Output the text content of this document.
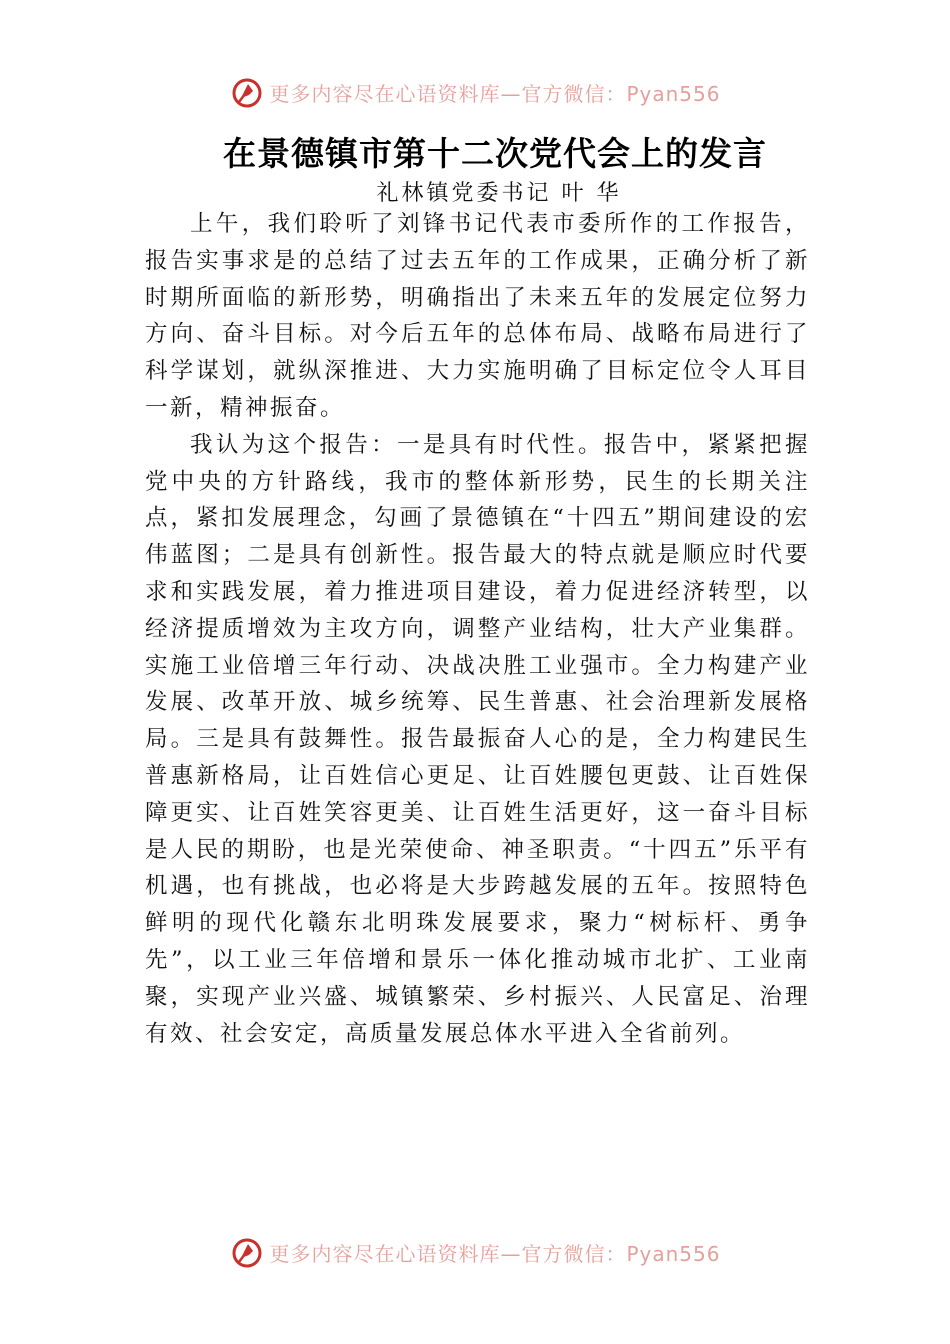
更多内容尽在心语资料库—官方微信：Pyan556
在景德镇市第十二次党代会上的发言
礼林镇党委书记 叶 华

上午，我们聆听了刘锋书记代表市委所作的工作报告，报告实事求是的总结了过去五年的工作成果，正确分析了新时期所面临的新形势，明确指出了未来五年的发展定位努力方向、奋斗目标。对今后五年的总体布局、战略布局进行了科学谋划，就纵深推进、大力实施明确了目标定位令人耳目一新，精神振奋。

我认为这个报告：一是具有时代性。报告中，紧紧把握党中央的方针路线，我市的整体新形势，民生的长期关注点，紧扣发展理念，勾画了景德镇在“十四五”期间建设的宏伟蓝图；二是具有创新性。报告最大的特点就是顺应时代要求和实践发展，着力推进项目建设，着力促进经济转型，以经济提质增效为主攻方向，调整产业结构，壮大产业集群。 实施工业倍增三年行动、决战决胜工业强市。全力构建产业发展、改革开放、城乡统筹、民生普惠、社会治理新发展格局。三是具有鼓舞性。报告最振奋人心的是，全力构建民生普惠新格局，让百姓信心更足、让百姓腰包更鼓、让百姓保障更实、让百姓笑容更美、让百姓生活更好，这一奋斗目标是人民的期盼，也是光荣使命、神圣职责。“十四五”乐平有机遇，也有挑战，也必将是大步跨越发展的五年。按照特色鲜明的现代化赣东北明珠发展要求，聚力“树标杆、勇争先”，以工业三年倍增和景乐一体化推动城市北扩、工业南聚，实现产业兴盛、城镇繁荣、乡村振兴、人民富足、治理有效、社会安定，高质量发展总体水平进入全省前列。

更多内容尽在心语资料库—官方微信：Pyan556
